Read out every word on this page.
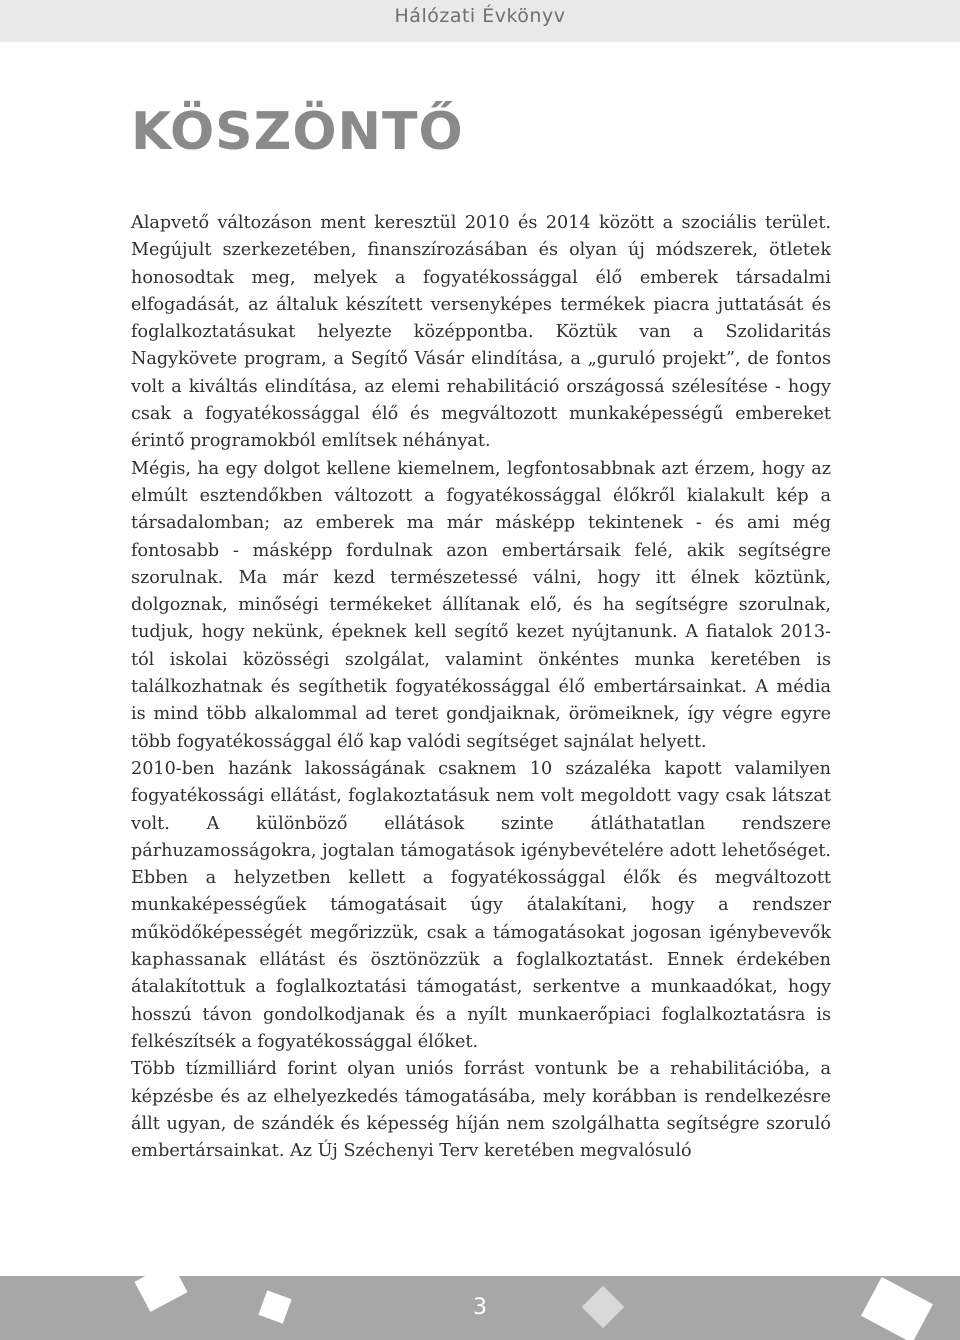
Hálózati Évkönyv
KÖSZÖNTŐ

Alapvető változáson ment keresztül 2010 és 2014 között a szociális terület. Megújult szerkezetében, finanszírozásában és olyan új módszerek, ötletek honosodtak meg, melyek a fogyatékossággal élő emberek társadalmi elfogadását, az általuk készített versenyképes termékek piacra juttatását és foglalkoztatásukat helyezte középpontba. Köztük van a Szolidaritás Nagykövete program, a Segítő Vásár elindítása, a „guruló projekt”, de fontos volt a kiváltás elindítása, az elemi rehabilitáció országossá szélesítése - hogy csak a fogyatékossággal élő és megváltozott munkaképességű embereket érintő programokból említsek néhányat.

Mégis, ha egy dolgot kellene kiemelnem, legfontosabbnak azt érzem, hogy az elmúlt esztendőkben változott a fogyatékossággal élőkről kialakult kép a társadalomban; az emberek ma már másképp tekintenek - és ami még fontosabb - másképp fordulnak azon embertársaik felé, akik segítségre szorulnak. Ma már kezd természetessé válni, hogy itt élnek köztünk, dolgoznak, minőségi termékeket állítanak elő, és ha segítségre szorulnak, tudjuk, hogy nekünk, épeknek kell segítő kezet nyújtanunk. A fiatalok 2013-tól iskolai közösségi szolgálat, valamint önkéntes munka keretében is találkozhatnak és segíthetik fogyatékossággal élő embertársainkat. A média is mind több alkalommal ad teret gondjaiknak, örömeiknek, így végre egyre több fogyatékossággal élő kap valódi segítséget sajnálat helyett.

2010-ben hazánk lakosságának csaknem 10 százaléka kapott valamilyen fogyatékossági ellátást, foglakoztatásuk nem volt megoldott vagy csak látszat volt. A különböző ellátások szinte átláthatatlan rendszere párhuzamosságokra, jogtalan támogatások igénybevételére adott lehetőséget. Ebben a helyzetben kellett a fogyatékossággal élők és megváltozott munkaképességűek támogatásait úgy átalakítani, hogy a rendszer működőképességét megőrizzük, csak a támogatásokat jogosan igénybevevők kaphassanak ellátást és ösztönözzük a foglalkoztatást. Ennek érdekében átalakítottuk a foglalkoztatási támogatást, serkentve a munkaadókat, hogy hosszú távon gondolkodjanak és a nyílt munkaerőpiaci foglalkoztatásra is felkészítsék a fogyatékossággal élőket.

Több tízmilliárd forint olyan uniós forrást vontunk be a rehabilitációba, a képzésbe és az elhelyezkedés támogatásába, mely korábban is rendelkezésre állt ugyan, de szándék és képesség híján nem szolgálhatta segítségre szoruló embertársainkat. Az Új Széchenyi Terv keretében megvalósuló

3
